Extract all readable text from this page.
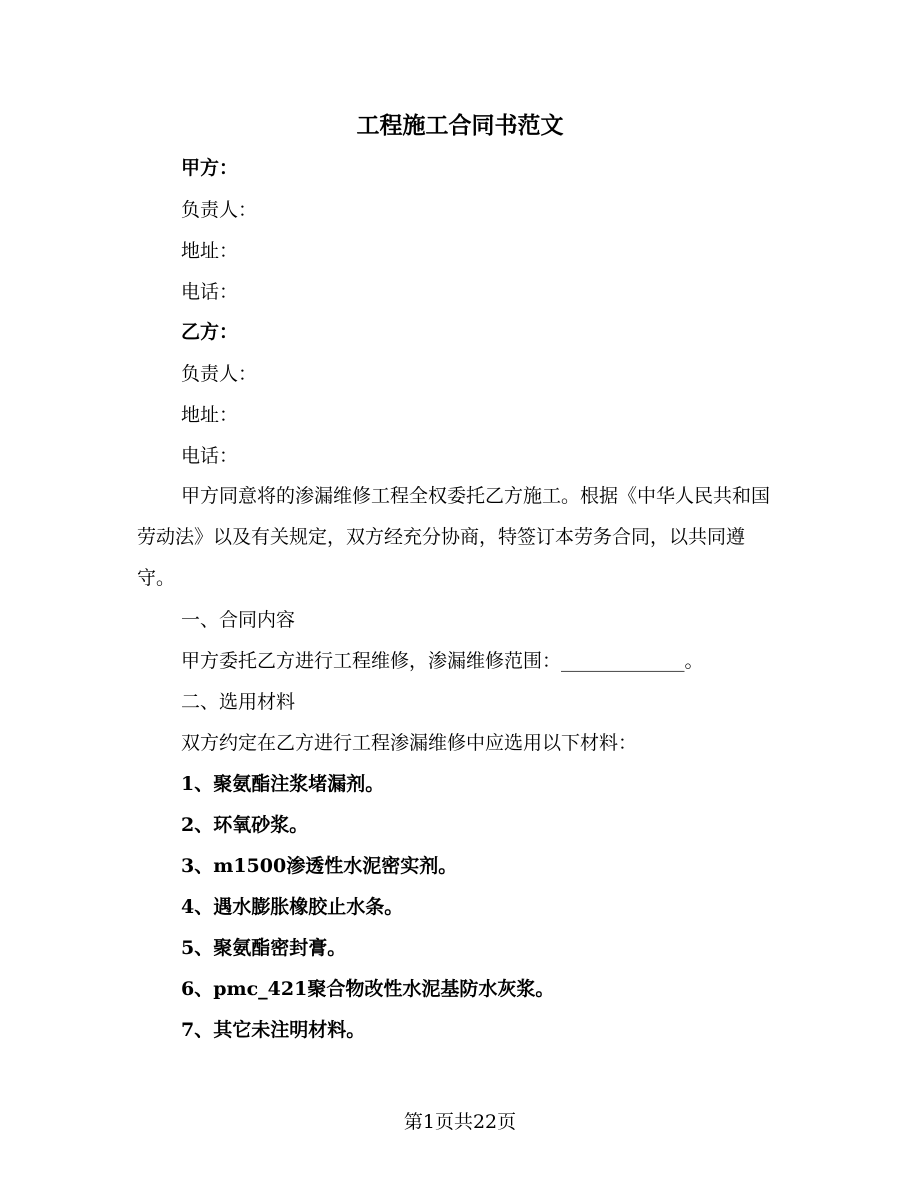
工程施工合同书范文

甲方：

负责人：

地址：

电话：

乙方：

负责人：

地址：

电话：

甲方同意将的渗漏维修工程全权委托乙方施工。根据《中华人民共和国劳动法》以及有关规定，双方经充分协商，特签订本劳务合同，以共同遵守。

一、合同内容

甲方委托乙方进行工程维修，渗漏维修范围：_____________。

二、选用材料

双方约定在乙方进行工程渗漏维修中应选用以下材料：

1、聚氨酯注浆堵漏剂。

2、环氧砂浆。

3、m1500渗透性水泥密实剂。

4、遇水膨胀橡胶止水条。

5、聚氨酯密封膏。

6、pmc_421聚合物改性水泥基防水灰浆。

7、其它未注明材料。

第1页共22页
